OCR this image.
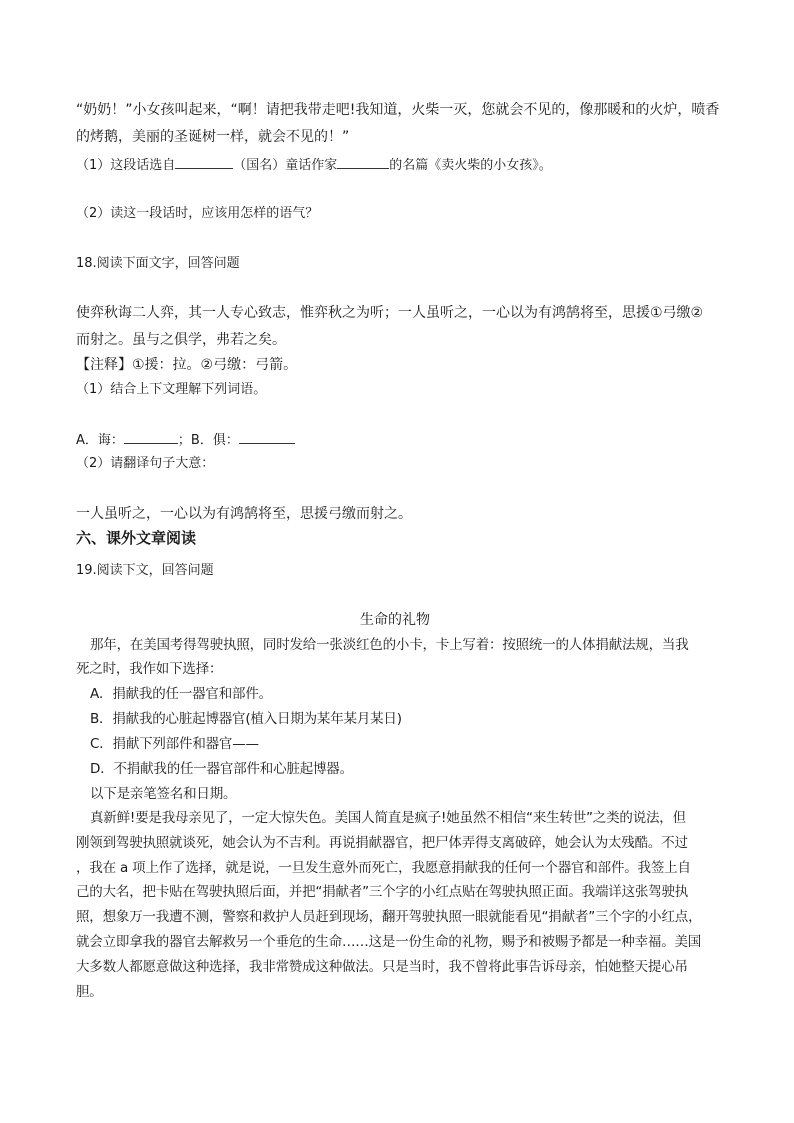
“奶奶！”小女孩叫起来，“啊！请把我带走吧!我知道，火柴一灭，您就会不见的，像那暖和的火炉，喷香
的烤鹅，美丽的圣诞树一样，就会不见的！”
（1）这段话选自	（国名）童话作家	的名篇《卖火柴的小女孩》。
（2）读这一段话时，应该用怎样的语气？
18.阅读下面文字，回答问题
使弈秋诲二人弈，其一人专心致志，惟弈秋之为听；一人虽听之，一心以为有鸿鹄将至，思援①弓缴②
而射之。虽与之俱学，弗若之矣。
【注释】①援：拉。②弓缴：弓箭。
（1）结合上下文理解下列词语。
A．诲：	；B．俱：
（2）请翻译句子大意：
一人虽听之，一心以为有鸿鹄将至，思援弓缴而射之。
六、课外文章阅读
19.阅读下文，回答问题
生命的礼物
那年，在美国考得驾驶执照，同时发给一张淡红色的小卡，卡上写着：按照统一的人体捐献法规，当我
死之时，我作如下选择：
A．捐献我的任一器官和部件。
B．捐献我的心脏起博器官(植入日期为某年某月某日)
C．捐献下列部件和器官——
D．不捐献我的任一器官部件和心脏起博器。
以下是亲笔签名和日期。
真新鲜!要是我母亲见了，一定大惊失色。美国人简直是疯子!她虽然不相信“来生转世”之类的说法，但
刚领到驾驶执照就谈死，她会认为不吉利。再说捐献器官，把尸体弄得支离破碎，她会认为太残酷。不过
，我在 a 项上作了选择，就是说，一旦发生意外而死亡，我愿意捐献我的任何一个器官和部件。我签上自
己的大名，把卡贴在驾驶执照后面，并把“捐献者”三个字的小红点贴在驾驶执照正面。我端详这张驾驶执
照，想象万一我遭不测，警察和救护人员赶到现场，翻开驾驶执照一眼就能看见“捐献者”三个字的小红点，
就会立即拿我的器官去解救另一个垂危的生命……这是一份生命的礼物，赐予和被赐予都是一种幸福。美国
大多数人都愿意做这种选择，我非常赞成这种做法。只是当时，我不曾将此事告诉母亲，怕她整天提心吊
胆。
